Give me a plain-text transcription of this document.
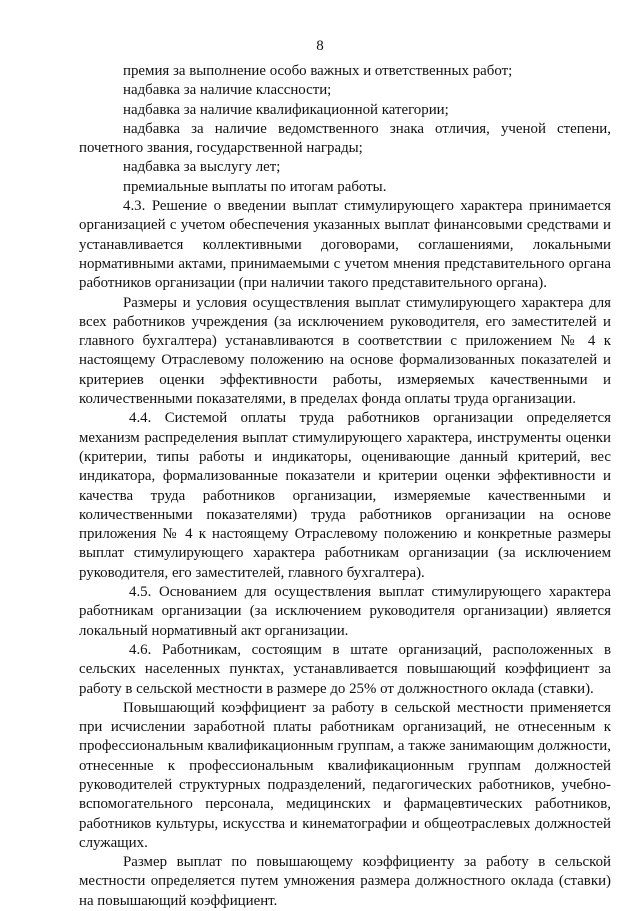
8

премия за выполнение особо важных и ответственных работ;

надбавка за наличие классности;

надбавка за наличие квалификационной категории;

надбавка за наличие ведомственного знака отличия, ученой степени, почетного звания, государственной награды;

надбавка за выслугу лет;

премиальные выплаты по итогам работы.

4.3. Решение о введении выплат стимулирующего характера принимается организацией с учетом обеспечения указанных выплат финансовыми средствами и устанавливается коллективными договорами, соглашениями, локальными нормативными актами, принимаемыми с учетом мнения представительного органа работников организации (при наличии такого представительного органа).

Размеры и условия осуществления выплат стимулирующего характера для всех работников учреждения (за исключением руководителя, его заместителей и главного бухгалтера) устанавливаются в соответствии с приложением № 4 к настоящему Отраслевому положению на основе формализованных показателей и критериев оценки эффективности работы, измеряемых качественными и количественными показателями, в пределах фонда оплаты труда организации.

4.4. Системой оплаты труда работников организации определяется механизм распределения выплат стимулирующего характера, инструменты оценки (критерии, типы работы и индикаторы, оценивающие данный критерий, вес индикатора, формализованные показатели и критерии оценки эффективности и качества труда работников организации, измеряемые качественными и количественными показателями) труда работников организации на основе приложения № 4 к настоящему Отраслевому положению и конкретные размеры выплат стимулирующего характера работникам организации (за исключением руководителя, его заместителей, главного бухгалтера).

4.5. Основанием для осуществления выплат стимулирующего характера работникам организации (за исключением руководителя организации) является локальный нормативный акт организации.

4.6. Работникам, состоящим в штате организаций, расположенных в сельских населенных пунктах, устанавливается повышающий коэффициент за работу в сельской местности в размере до 25% от должностного оклада (ставки).

Повышающий коэффициент за работу в сельской местности применяется при исчислении заработной платы работникам организаций, не отнесенным к профессиональным квалификационным группам, а также занимающим должности, отнесенные к профессиональным квалификационным группам должностей руководителей структурных подразделений, педагогических работников, учебно-вспомогательного персонала, медицинских и фармацевтических работников, работников культуры, искусства и кинематографии и общеотраслевых должностей служащих.

Размер выплат по повышающему коэффициенту за работу в сельской местности определяется путем умножения размера должностного оклада (ставки) на повышающий коэффициент.
